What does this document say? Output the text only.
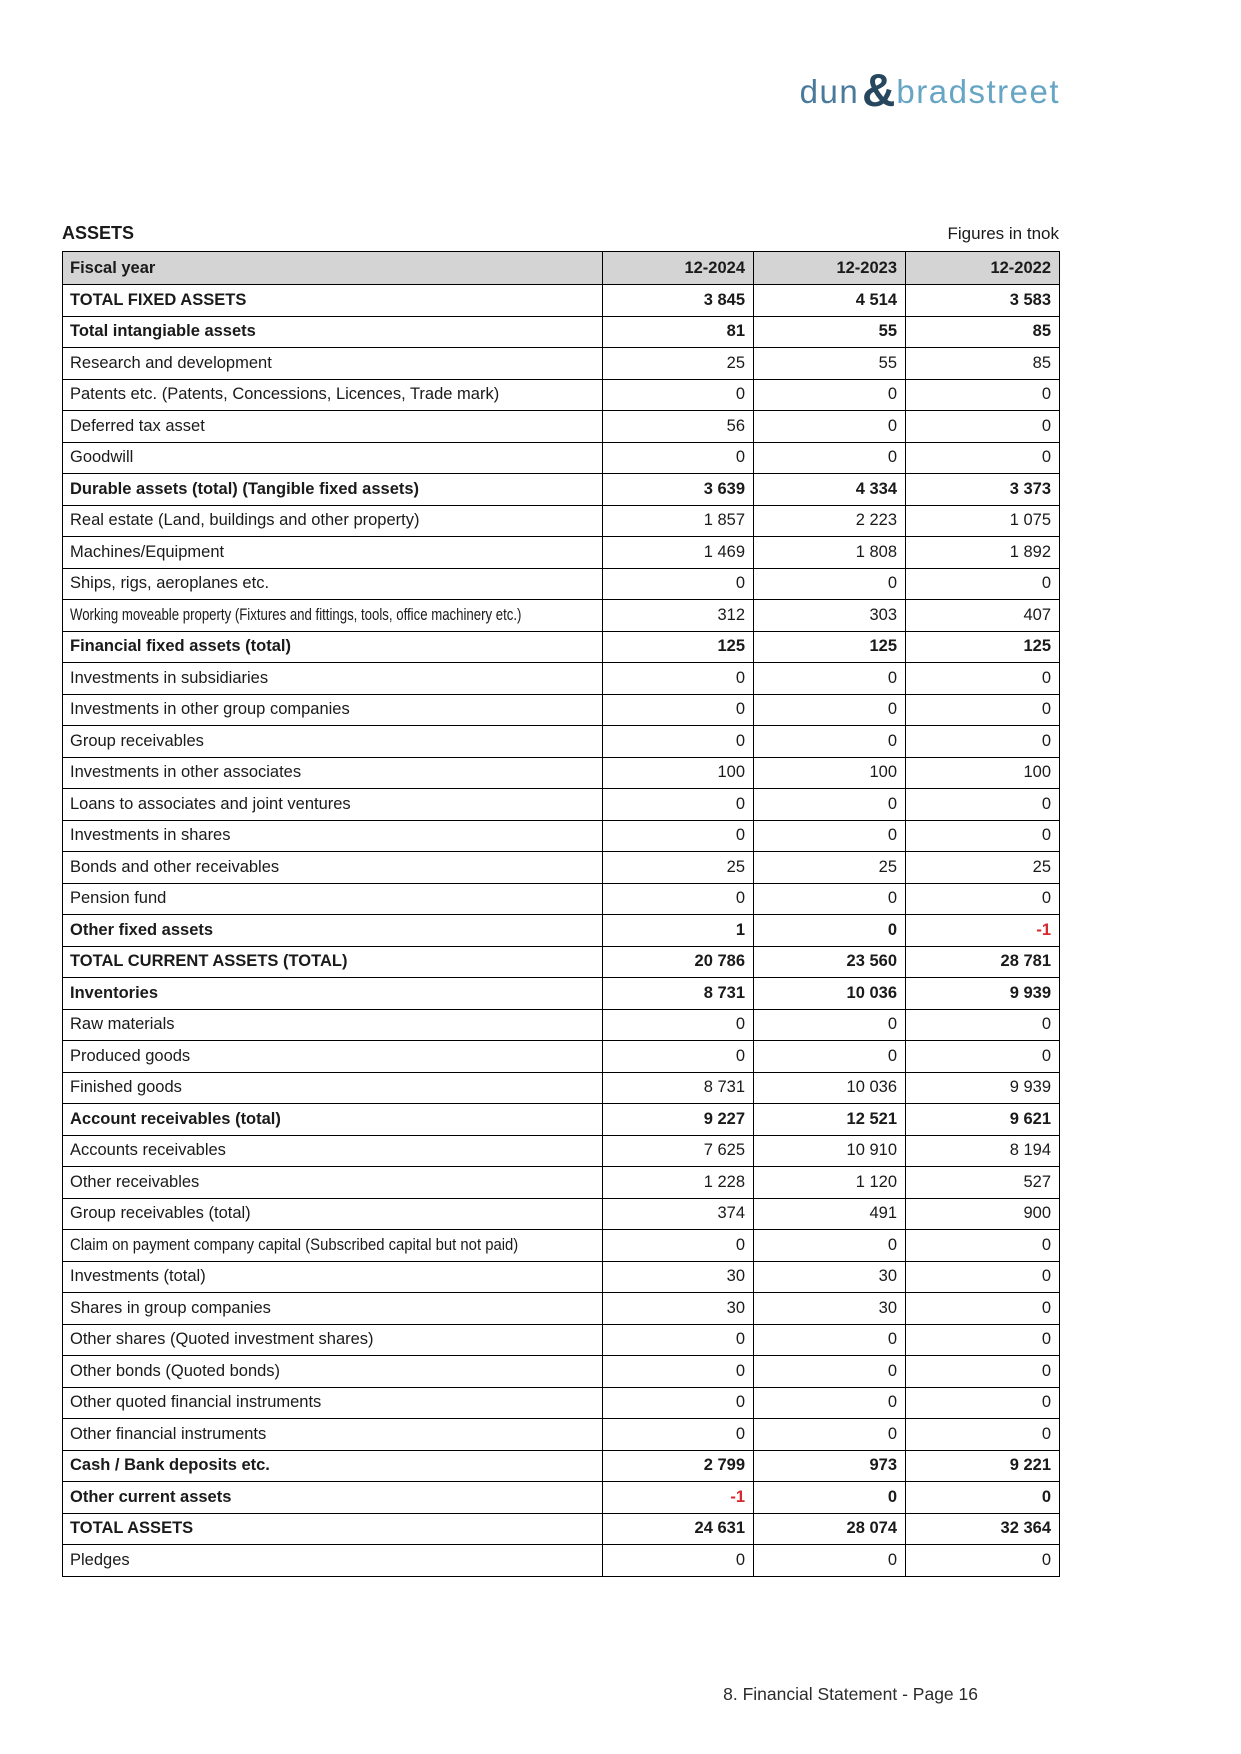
dun & bradstreet
ASSETS	Figures in tnok
Fiscal year	12-2024	12-2023	12-2022
TOTAL FIXED ASSETS	3 845	4 514	3 583
Total intangiable assets	81	55	85
Research and development	25	55	85
Patents etc. (Patents, Concessions, Licences, Trade mark)	0	0	0
Deferred tax asset	56	0	0
Goodwill	0	0	0
Durable assets (total) (Tangible fixed assets)	3 639	4 334	3 373
Real estate (Land, buildings and other property)	1 857	2 223	1 075
Machines/Equipment	1 469	1 808	1 892
Ships, rigs, aeroplanes etc.	0	0	0
Working moveable property (Fixtures and fittings, tools, office machinery etc.)	312	303	407
Financial fixed assets (total)	125	125	125
Investments in subsidiaries	0	0	0
Investments in other group companies	0	0	0
Group receivables	0	0	0
Investments in other associates	100	100	100
Loans to associates and joint ventures	0	0	0
Investments in shares	0	0	0
Bonds and other receivables	25	25	25
Pension fund	0	0	0
Other fixed assets	1	0	-1
TOTAL CURRENT ASSETS (TOTAL)	20 786	23 560	28 781
Inventories	8 731	10 036	9 939
Raw materials	0	0	0
Produced goods	0	0	0
Finished goods	8 731	10 036	9 939
Account receivables (total)	9 227	12 521	9 621
Accounts receivables	7 625	10 910	8 194
Other receivables	1 228	1 120	527
Group receivables (total)	374	491	900
Claim on payment company capital (Subscribed capital but not paid)	0	0	0
Investments (total)	30	30	0
Shares in group companies	30	30	0
Other shares (Quoted investment shares)	0	0	0
Other bonds (Quoted bonds)	0	0	0
Other quoted financial instruments	0	0	0
Other financial instruments	0	0	0
Cash / Bank deposits etc.	2 799	973	9 221
Other current assets	-1	0	0
TOTAL ASSETS	24 631	28 074	32 364
Pledges	0	0	0
8. Financial Statement - Page 16
